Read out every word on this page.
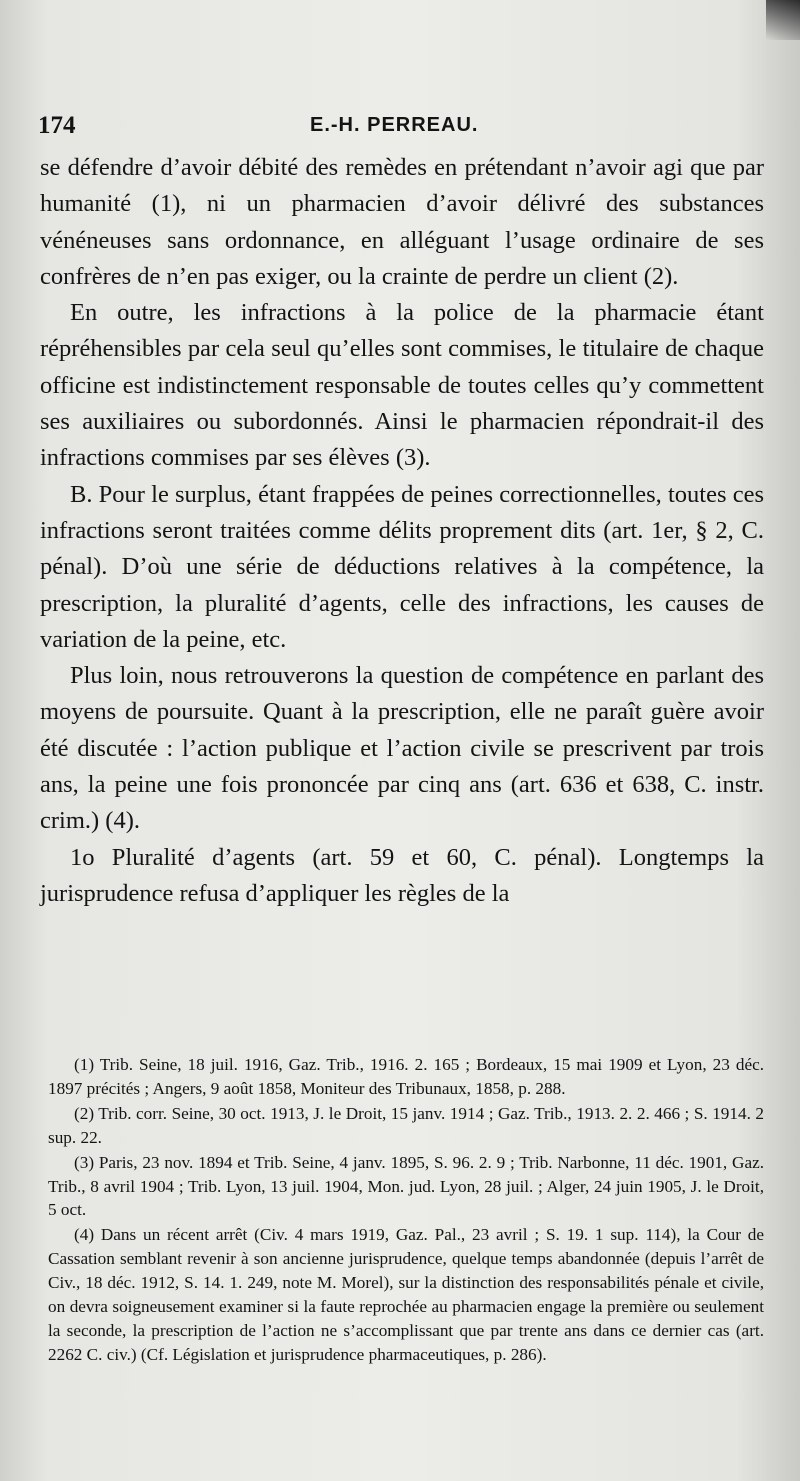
174	E.-H. PERREAU.

se défendre d’avoir débité des remèdes en prétendant n’avoir agi que par humanité (1), ni un pharmacien d’avoir délivré des substances vénéneuses sans ordonnance, en alléguant l’usage ordinaire de ses confrères de n’en pas exiger, ou la crainte de perdre un client (2).

En outre, les infractions à la police de la pharmacie étant répréhensibles par cela seul qu’elles sont commises, le titulaire de chaque officine est indistinctement responsable de toutes celles qu’y commettent ses auxiliaires ou subordonnés. Ainsi le pharmacien répondrait-il des infractions commises par ses élèves (3).

B. Pour le surplus, étant frappées de peines correctionnelles, toutes ces infractions seront traitées comme délits proprement dits (art. 1er, § 2, C. pénal). D’où une série de déductions relatives à la compétence, la prescription, la pluralité d’agents, celle des infractions, les causes de variation de la peine, etc.

Plus loin, nous retrouverons la question de compétence en parlant des moyens de poursuite. Quant à la prescription, elle ne paraît guère avoir été discutée : l’action publique et l’action civile se prescrivent par trois ans, la peine une fois prononcée par cinq ans (art. 636 et 638, C. instr. crim.) (4).

1o Pluralité d’agents (art. 59 et 60, C. pénal). Longtemps la jurisprudence refusa d’appliquer les règles de la

(1) Trib. Seine, 18 juil. 1916, Gaz. Trib., 1916. 2. 165 ; Bordeaux, 15 mai 1909 et Lyon, 23 déc. 1897 précités ; Angers, 9 août 1858, Moniteur des Tribunaux, 1858, p. 288.

(2) Trib. corr. Seine, 30 oct. 1913, J. le Droit, 15 janv. 1914 ; Gaz. Trib., 1913. 2. 2. 466 ; S. 1914. 2 sup. 22.

(3) Paris, 23 nov. 1894 et Trib. Seine, 4 janv. 1895, S. 96. 2. 9 ; Trib. Narbonne, 11 déc. 1901, Gaz. Trib., 8 avril 1904 ; Trib. Lyon, 13 juil. 1904, Mon. jud. Lyon, 28 juil. ; Alger, 24 juin 1905, J. le Droit, 5 oct.

(4) Dans un récent arrêt (Civ. 4 mars 1919, Gaz. Pal., 23 avril ; S. 19. 1 sup. 114), la Cour de Cassation semblant revenir à son ancienne jurisprudence, quelque temps abandonnée (depuis l’arrêt de Civ., 18 déc. 1912, S. 14. 1. 249, note M. Morel), sur la distinction des responsabilités pénale et civile, on devra soigneusement examiner si la faute reprochée au pharmacien engage la première ou seulement la seconde, la prescription de l’action ne s’accomplissant que par trente ans dans ce dernier cas (art. 2262 C. civ.) (Cf. Législation et jurisprudence pharmaceutiques, p. 286).
